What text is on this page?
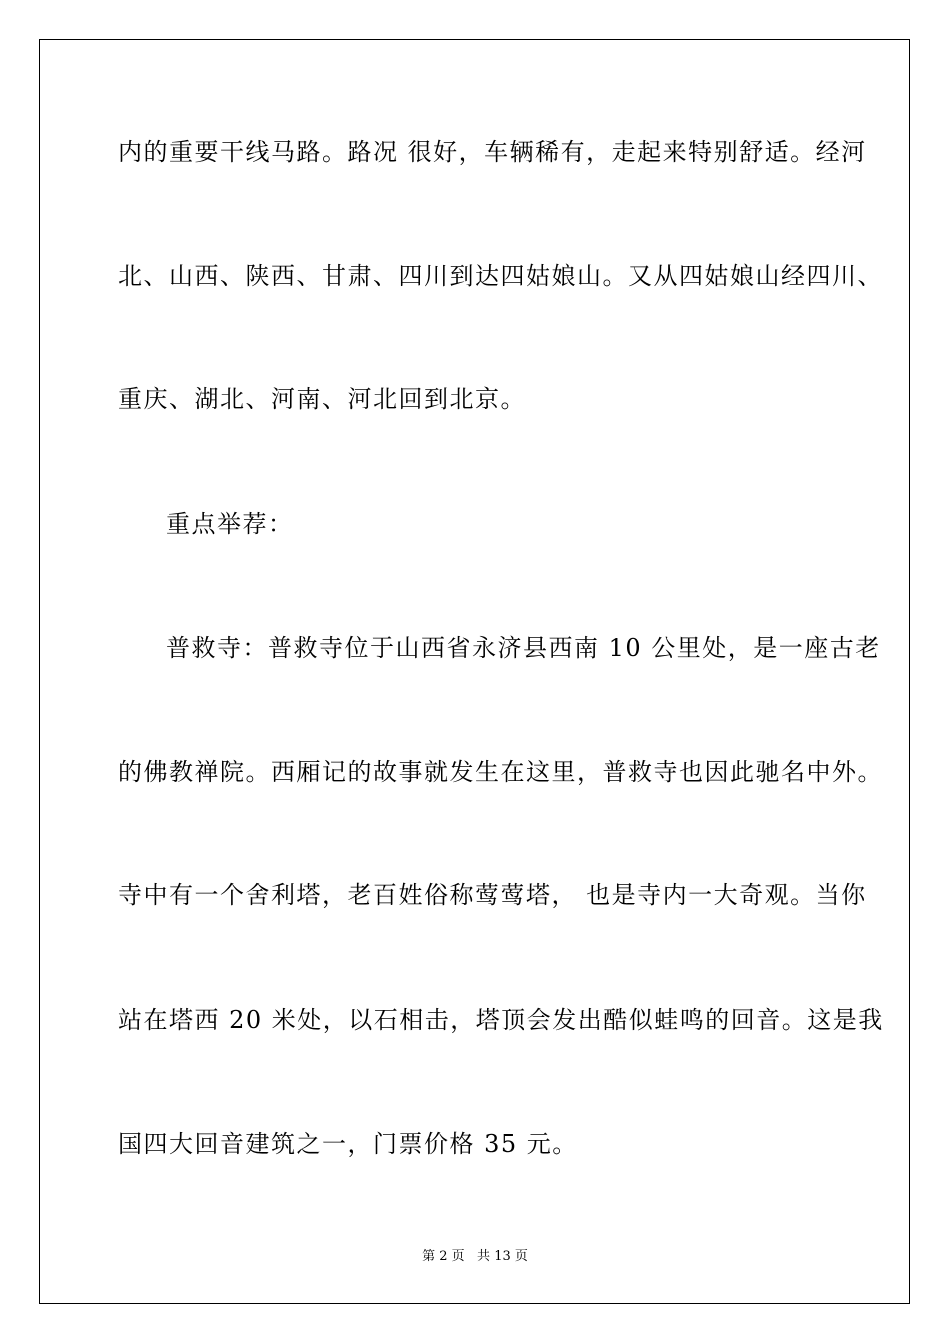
内的重要干线马路。路况 很好，车辆稀有，走起来特别舒适。经河
北、山西、陕西、甘肃、四川到达四姑娘山。又从四姑娘山经四川、
重庆、湖北、河南、河北回到北京。
重点举荐：
普救寺：普救寺位于山西省永济县西南 10 公里处，是一座古老
的佛教禅院。西厢记的故事就发生在这里，普救寺也因此驰名中外。
寺中有一个舍利塔，老百姓俗称莺莺塔， 也是寺内一大奇观。当你
站在塔西 20 米处，以石相击，塔顶会发出酷似蛙鸣的回音。这是我
国四大回音建筑之一，门票价格 35 元。
第 2 页   共 13 页
